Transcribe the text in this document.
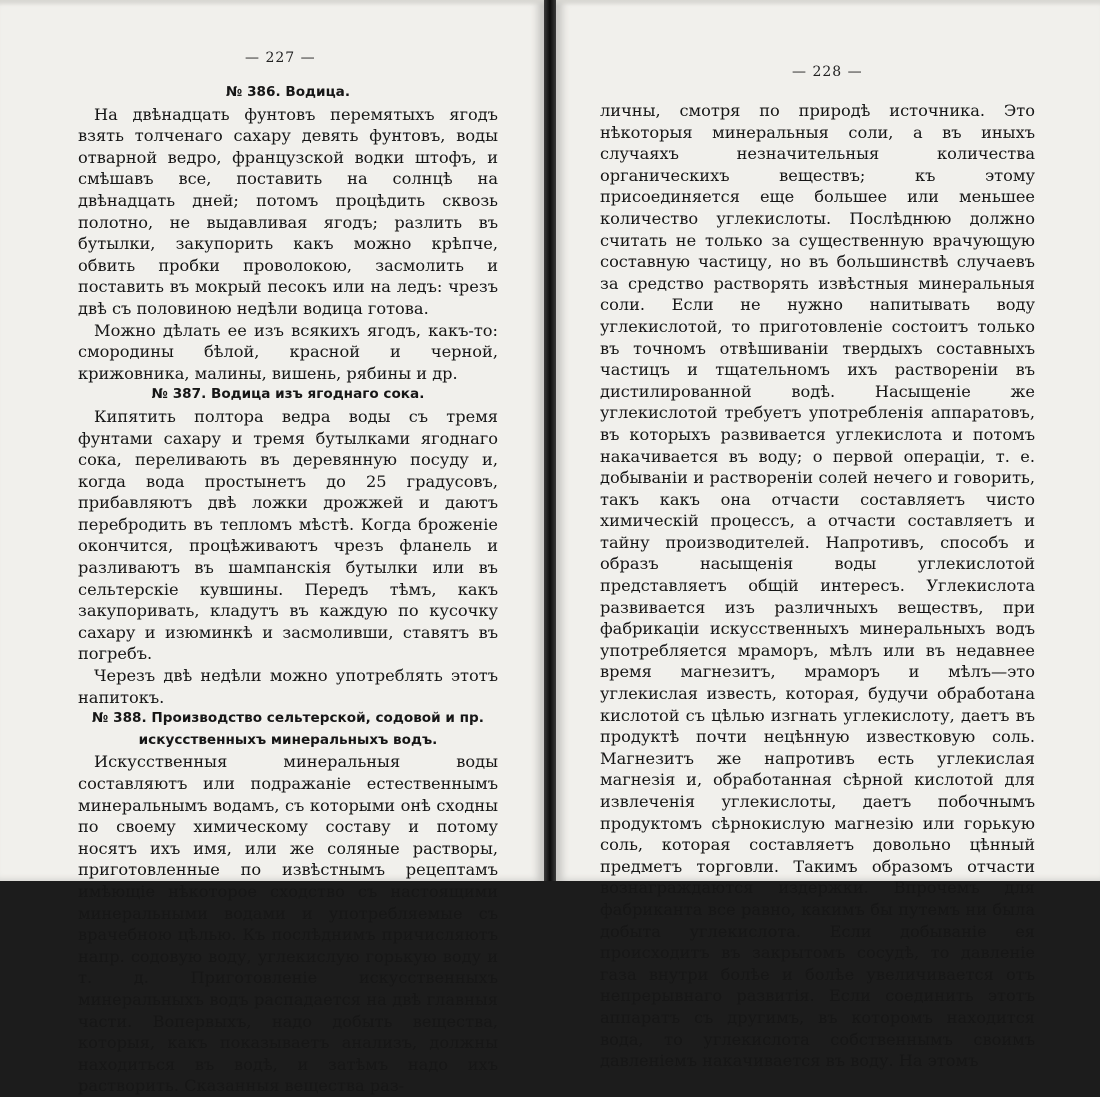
— 227 —
№ 386. Водица.

На двѣнадцать фунтовъ перемятыхъ ягодъ взять толченаго сахару девять фунтовъ, воды отварной ведро, французской водки штофъ, и смѣшавъ все, поставить на солнцѣ на двѣнадцать дней; потомъ процѣдить сквозь полотно, не выдавливая ягодъ; разлить въ бутылки, закупорить какъ можно крѣпче, обвить пробки проволокою, засмолить и поставить въ мокрый песокъ или на ледъ: чрезъ двѣ съ половиною недѣли водица готова.

Можно дѣлать ее изъ всякихъ ягодъ, какъ-то: смородины бѣлой, красной и черной, крижовника, малины, вишень, рябины и др.

№ 387. Водица изъ ягоднаго сока.

Кипятить полтора ведра воды съ тремя фунтами сахару и тремя бутылками ягоднаго сока, переливають въ деревянную посуду и, когда вода простынетъ до 25 градусовъ, прибавляютъ двѣ ложки дрожжей и даютъ перебродить въ тепломъ мѣстѣ. Когда броженіе окончится, процѣживаютъ чрезъ фланель и разливаютъ въ шампанскія бутылки или въ сельтерскіе кувшины. Передъ тѣмъ, какъ закупоривать, кладутъ въ каждую по кусочку сахару и изюминкѣ и засмоливши, ставятъ въ погребъ.

Черезъ двѣ недѣли можно употреблять этотъ напитокъ.

№ 388. Производство сельтерской, содовой и пр. искусственныхъ минеральныхъ водъ.

Искусственныя минеральныя воды составляютъ или подражаніе естественнымъ минеральнымъ водамъ, съ которыми онѣ сходны по своему химическому составу и потому носятъ ихъ имя, или же соляные растворы, приготовленные по извѣстнымъ рецептамъ имѣющіе нѣкоторое сходство съ настоящими минеральными водами и употребляемые съ врачебною цѣлью. Къ послѣднимъ причисляютъ напр. содовую воду, углекислую горькую воду и т. д. Приготовленіе искусственныхъ минеральныхъ водъ распадается на двѣ главныя части. Вопервыхъ, надо добыть вещества, которыя, какъ показываетъ анализъ, должны находиться въ водѣ, и затѣмъ надо ихъ растворить. Сказанныя вещества раз-

— 228 —

личны, смотря по природѣ источника. Это нѣкоторыя минеральныя соли, а въ иныхъ случаяхъ незначительныя количества органическихъ веществъ; къ этому присоединяется еще большее или меньшее количество углекислоты. Послѣднюю должно считать не только за существенную врачующую составную частицу, но въ большинствѣ случаевъ за средство растворять извѣстныя минеральныя соли. Если не нужно напитывать воду углекислотой, то приготовленіе состоитъ только въ точномъ отвѣшиваніи твердыхъ составныхъ частицъ и тщательномъ ихъ растворенiи въ дистилированной водѣ. Насыщеніе же углекислотой требуетъ употребленія аппаратовъ, въ которыхъ развивается углекислота и потомъ накачивается въ воду; о первой операціи, т. е. добываніи и растворенiи солей нечего и говорить, такъ какъ она отчасти составляетъ чисто химическій процессъ, а отчасти составляетъ и тайну производителей. Напротивъ, способъ и образъ насыщенія воды углекислотой представляетъ общій интересъ. Углекислота развивается изъ различныхъ веществъ, при фабрикаціи искусственныхъ минеральныхъ водъ употребляется мраморъ, мѣлъ или въ недавнее время магнезитъ, мраморъ и мѣлъ—это углекислая известь, которая, будучи обработана кислотой съ цѣлью изгнать углекислоту, даетъ въ продуктѣ почти нецѣнную известковую соль. Магнезитъ же напротивъ есть углекислая магнезія и, обработанная сѣрной кислотой для извлеченія углекислоты, даетъ побочнымъ продуктомъ сѣрнокислую магнезію или горькую соль, которая составляетъ довольно цѣнный предметъ торговли. Такимъ образомъ отчасти вознаграждаются издержки. Впрочемъ для фабриканта все равно, какимъ бы путемъ ни была добыта углекислота. Если добываніе ея происходитъ въ закрытомъ сосудѣ, то давленіе газа внутри болѣе и болѣе увеличивается отъ непрерывнаго развитія. Если соединить этотъ аппаратъ съ другимъ, въ которомъ находится вода, то углекислота собственнымъ своимъ давленіемъ накачивается въ воду. На этомъ
